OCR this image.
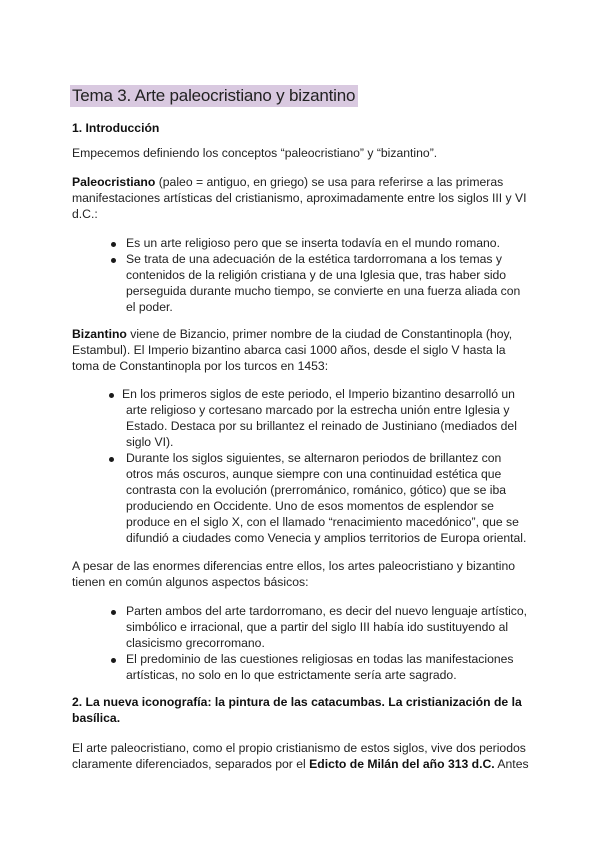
Tema 3. Arte paleocristiano y bizantino
1. Introducción
Empecemos definiendo los conceptos “paleocristiano” y “bizantino”.
Paleocristiano (paleo = antiguo, en griego) se usa para referirse a las primeras
manifestaciones artísticas del cristianismo, aproximadamente entre los siglos III y VI
d.C.:
Es un arte religioso pero que se inserta todavía en el mundo romano.
Se trata de una adecuación de la estética tardorromana a los temas y
contenidos de la religión cristiana y de una Iglesia que, tras haber sido
perseguida durante mucho tiempo, se convierte en una fuerza aliada con
el poder.
Bizantino viene de Bizancio, primer nombre de la ciudad de Constantinopla (hoy,
Estambul). El Imperio bizantino abarca casi 1000 años, desde el siglo V hasta la
toma de Constantinopla por los turcos en 1453:
En los primeros siglos de este periodo, el Imperio bizantino desarrolló un
arte religioso y cortesano marcado por la estrecha unión entre Iglesia y
Estado. Destaca por su brillantez el reinado de Justiniano (mediados del
siglo VI).
Durante los siglos siguientes, se alternaron periodos de brillantez con
otros más oscuros, aunque siempre con una continuidad estética que
contrasta con la evolución (prerrománico, románico, gótico) que se iba
produciendo en Occidente. Uno de esos momentos de esplendor se
produce en el siglo X, con el llamado “renacimiento macedónico”, que se
difundió a ciudades como Venecia y amplios territorios de Europa oriental.
A pesar de las enormes diferencias entre ellos, los artes paleocristiano y bizantino
tienen en común algunos aspectos básicos:
Parten ambos del arte tardorromano, es decir del nuevo lenguaje artístico,
simbólico e irracional, que a partir del siglo III había ido sustituyendo al
clasicismo grecorromano.
El predominio de las cuestiones religiosas en todas las manifestaciones
artísticas, no solo en lo que estrictamente sería arte sagrado.
2. La nueva iconografía: la pintura de las catacumbas. La cristianización de la
basílica.
El arte paleocristiano, como el propio cristianismo de estos siglos, vive dos periodos
claramente diferenciados, separados por el Edicto de Milán del año 313 d.C. Antes
